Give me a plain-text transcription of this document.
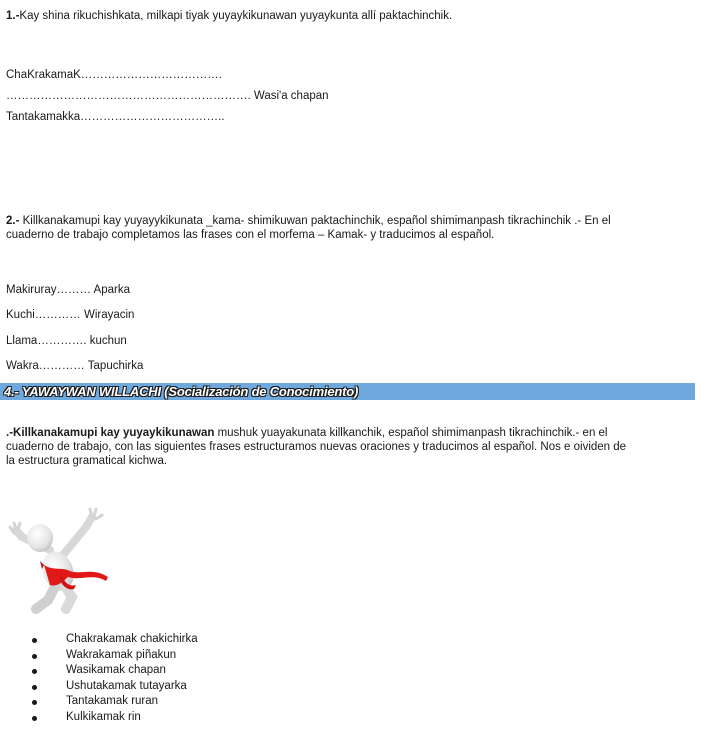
1.-Kay shina rikuchishkata, milkapi tiyak yuyaykikunawan yuyaykunta allí paktachinchik.
ChaKrakamaK……………………………….
………………………………………………………. Wasi'a chapan
Tantakamakka………………………………..
2.- Killkanakamupi kay yuyayykikunata _kama- shimikuwan paktachinchik, español shimimanpash tikrachinchik .- En el
cuaderno de trabajo completamos las frases con el morfema – Kamak- y traducimos al español.
Makiruray……… Aparka
Kuchi………… Wirayacin
Llama…………. kuchun
Wakra………… Tapuchirka
4.- YAWAYWAN WILLACHI (Socialización de Conocimiento)
.-Killkanakamupi kay yuyaykikunawan mushuk yuayakunata killkanchik, español shimimanpash tikrachinchik.- en el
cuaderno de trabajo, con las siguientes frases estructuramos nuevas oraciones y traducimos al español. Nos e oividen de
la estructura gramatical kichwa.
Chakrakamak chakichirka
Wakrakamak piñakun
Wasikamak chapan
Ushutakamak tutayarka
Tantakamak ruran
Kulkikamak rin
